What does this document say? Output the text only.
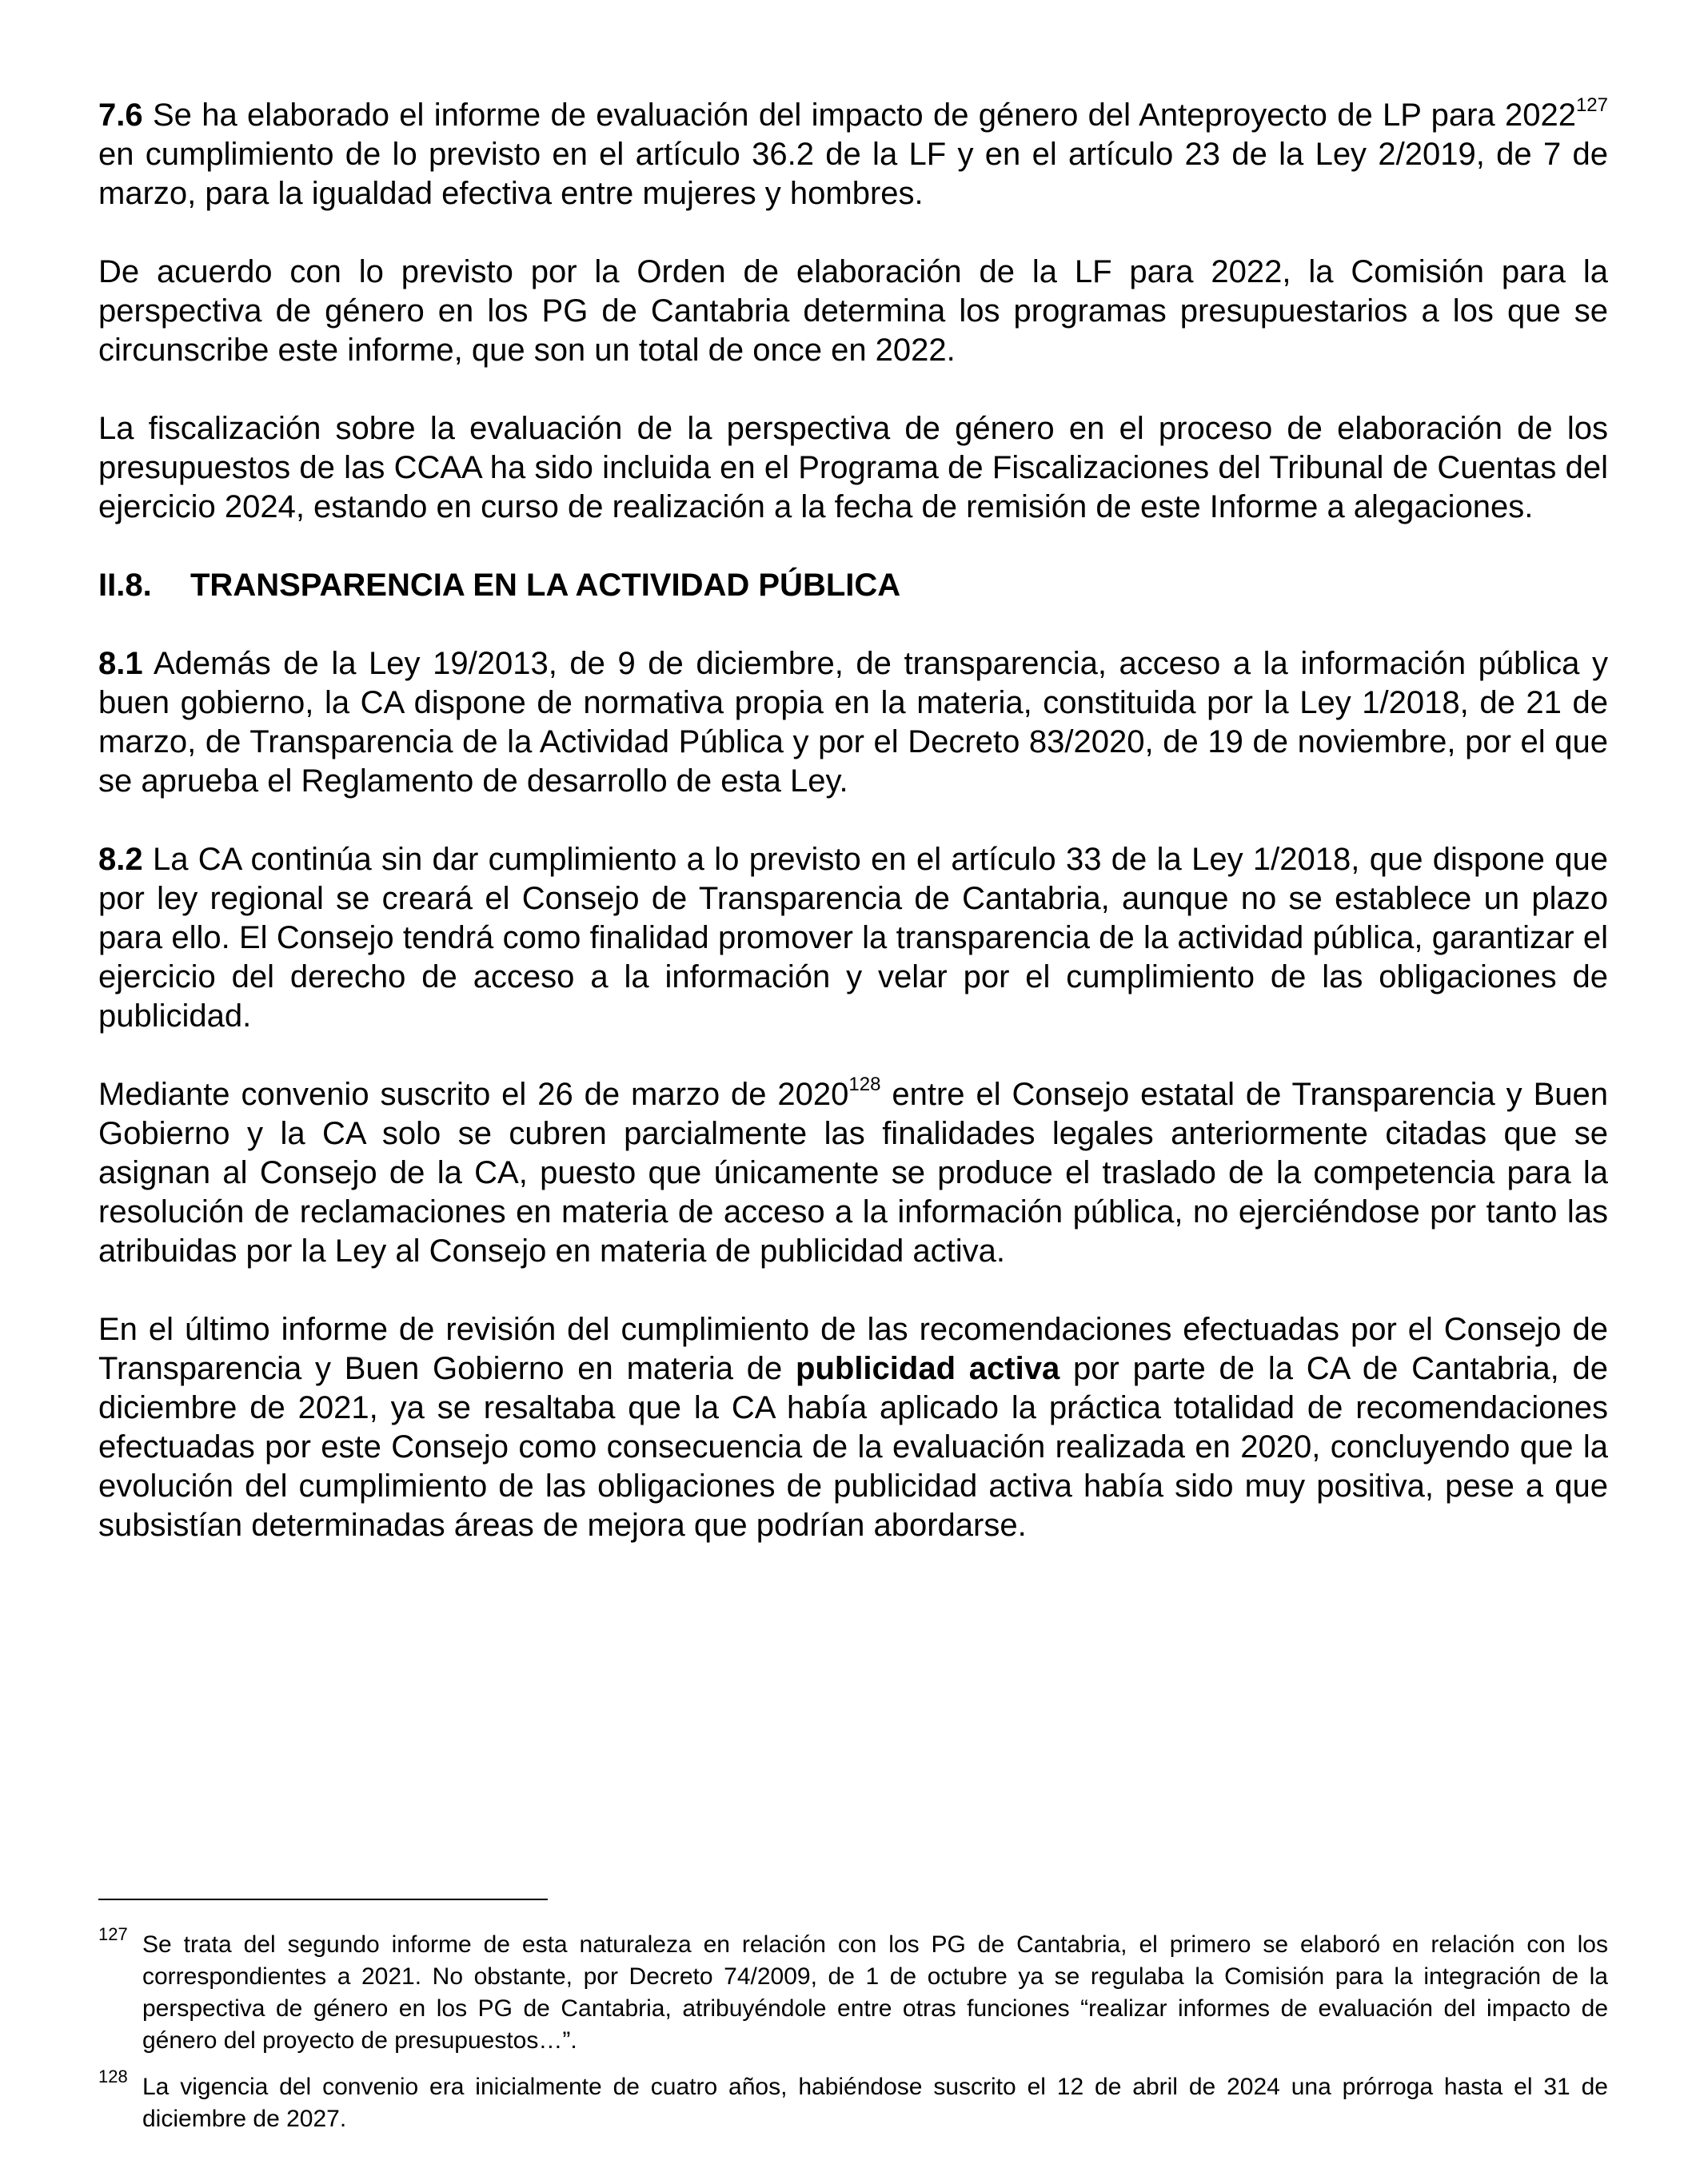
7.6 Se ha elaborado el informe de evaluación del impacto de género del Anteproyecto de LP para 2022$^{127}$ en cumplimiento de lo previsto en el artículo 36.2 de la LF y en el artículo 23 de la Ley 2/2019, de 7 de marzo, para la igualdad efectiva entre mujeres y hombres.

De acuerdo con lo previsto por la Orden de elaboración de la LF para 2022, la Comisión para la perspectiva de género en los PG de Cantabria determina los programas presupuestarios a los que se circunscribe este informe, que son un total de once en 2022.

La fiscalización sobre la evaluación de la perspectiva de género en el proceso de elaboración de los presupuestos de las CCAA ha sido incluida en el Programa de Fiscalizaciones del Tribunal de Cuentas del ejercicio 2024, estando en curso de realización a la fecha de remisión de este Informe a alegaciones.

II.8.	TRANSPARENCIA EN LA ACTIVIDAD PÚBLICA

8.1 Además de la Ley 19/2013, de 9 de diciembre, de transparencia, acceso a la información pública y buen gobierno, la CA dispone de normativa propia en la materia, constituida por la Ley 1/2018, de 21 de marzo, de Transparencia de la Actividad Pública y por el Decreto 83/2020, de 19 de noviembre, por el que se aprueba el Reglamento de desarrollo de esta Ley.

8.2 La CA continúa sin dar cumplimiento a lo previsto en el artículo 33 de la Ley 1/2018, que dispone que por ley regional se creará el Consejo de Transparencia de Cantabria, aunque no se establece un plazo para ello. El Consejo tendrá como finalidad promover la transparencia de la actividad pública, garantizar el ejercicio del derecho de acceso a la información y velar por el cumplimiento de las obligaciones de publicidad.

Mediante convenio suscrito el 26 de marzo de 2020$^{128}$ entre el Consejo estatal de Transparencia y Buen Gobierno y la CA solo se cubren parcialmente las finalidades legales anteriormente citadas que se asignan al Consejo de la CA, puesto que únicamente se produce el traslado de la competencia para la resolución de reclamaciones en materia de acceso a la información pública, no ejerciéndose por tanto las atribuidas por la Ley al Consejo en materia de publicidad activa.

En el último informe de revisión del cumplimiento de las recomendaciones efectuadas por el Consejo de Transparencia y Buen Gobierno en materia de publicidad activa por parte de la CA de Cantabria, de diciembre de 2021, ya se resaltaba que la CA había aplicado la práctica totalidad de recomendaciones efectuadas por este Consejo como consecuencia de la evaluación realizada en 2020, concluyendo que la evolución del cumplimiento de las obligaciones de publicidad activa había sido muy positiva, pese a que subsistían determinadas áreas de mejora que podrían abordarse.

127 Se trata del segundo informe de esta naturaleza en relación con los PG de Cantabria, el primero se elaboró en relación con los correspondientes a 2021. No obstante, por Decreto 74/2009, de 1 de octubre ya se regulaba la Comisión para la integración de la perspectiva de género en los PG de Cantabria, atribuyéndole entre otras funciones “realizar informes de evaluación del impacto de género del proyecto de presupuestos…”.
128 La vigencia del convenio era inicialmente de cuatro años, habiéndose suscrito el 12 de abril de 2024 una prórroga hasta el 31 de diciembre de 2027.
